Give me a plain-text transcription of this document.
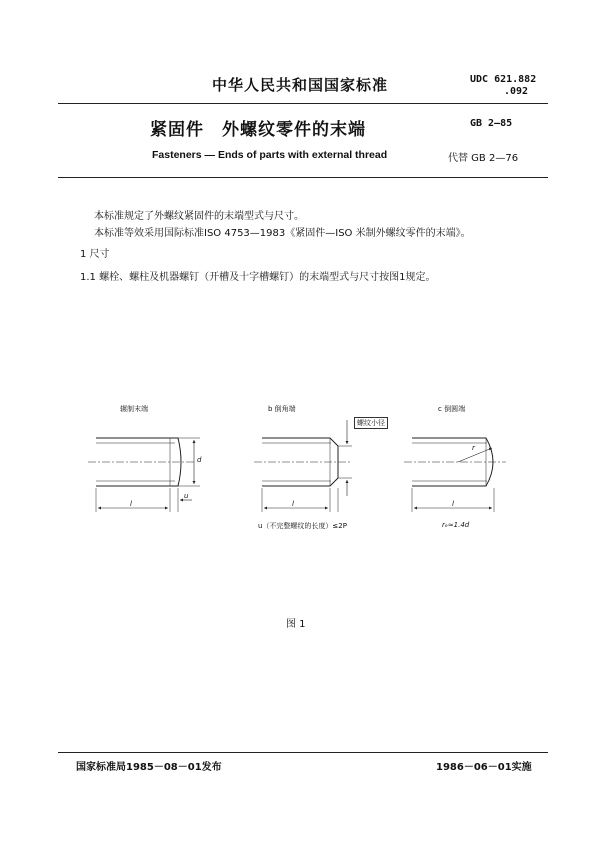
中华人民共和国国家标准	UDC 621.882
.092
紧固件　外螺纹零件的末端	GB 2—85
Fasteners — Ends of parts with external thread	代替 GB 2—76
本标准规定了外螺纹紧固件的末端型式与尺寸。
本标准等效采用国际标准ISO 4753—1983《紧固件—ISO 米制外螺纹零件的末端》。
1 尺寸
1.1 螺栓、螺柱及机器螺钉（开槽及十字槽螺钉）的末端型式与尺寸按图1规定。
辗制末端	b 倒角端	c 倒圆端
螺纹小径
d
l
u
l	l
r
u（不完整螺纹的长度）≤2P	rₑ≈1.4d
图 1
国家标准局1985－08－01发布	1986－06－01实施
